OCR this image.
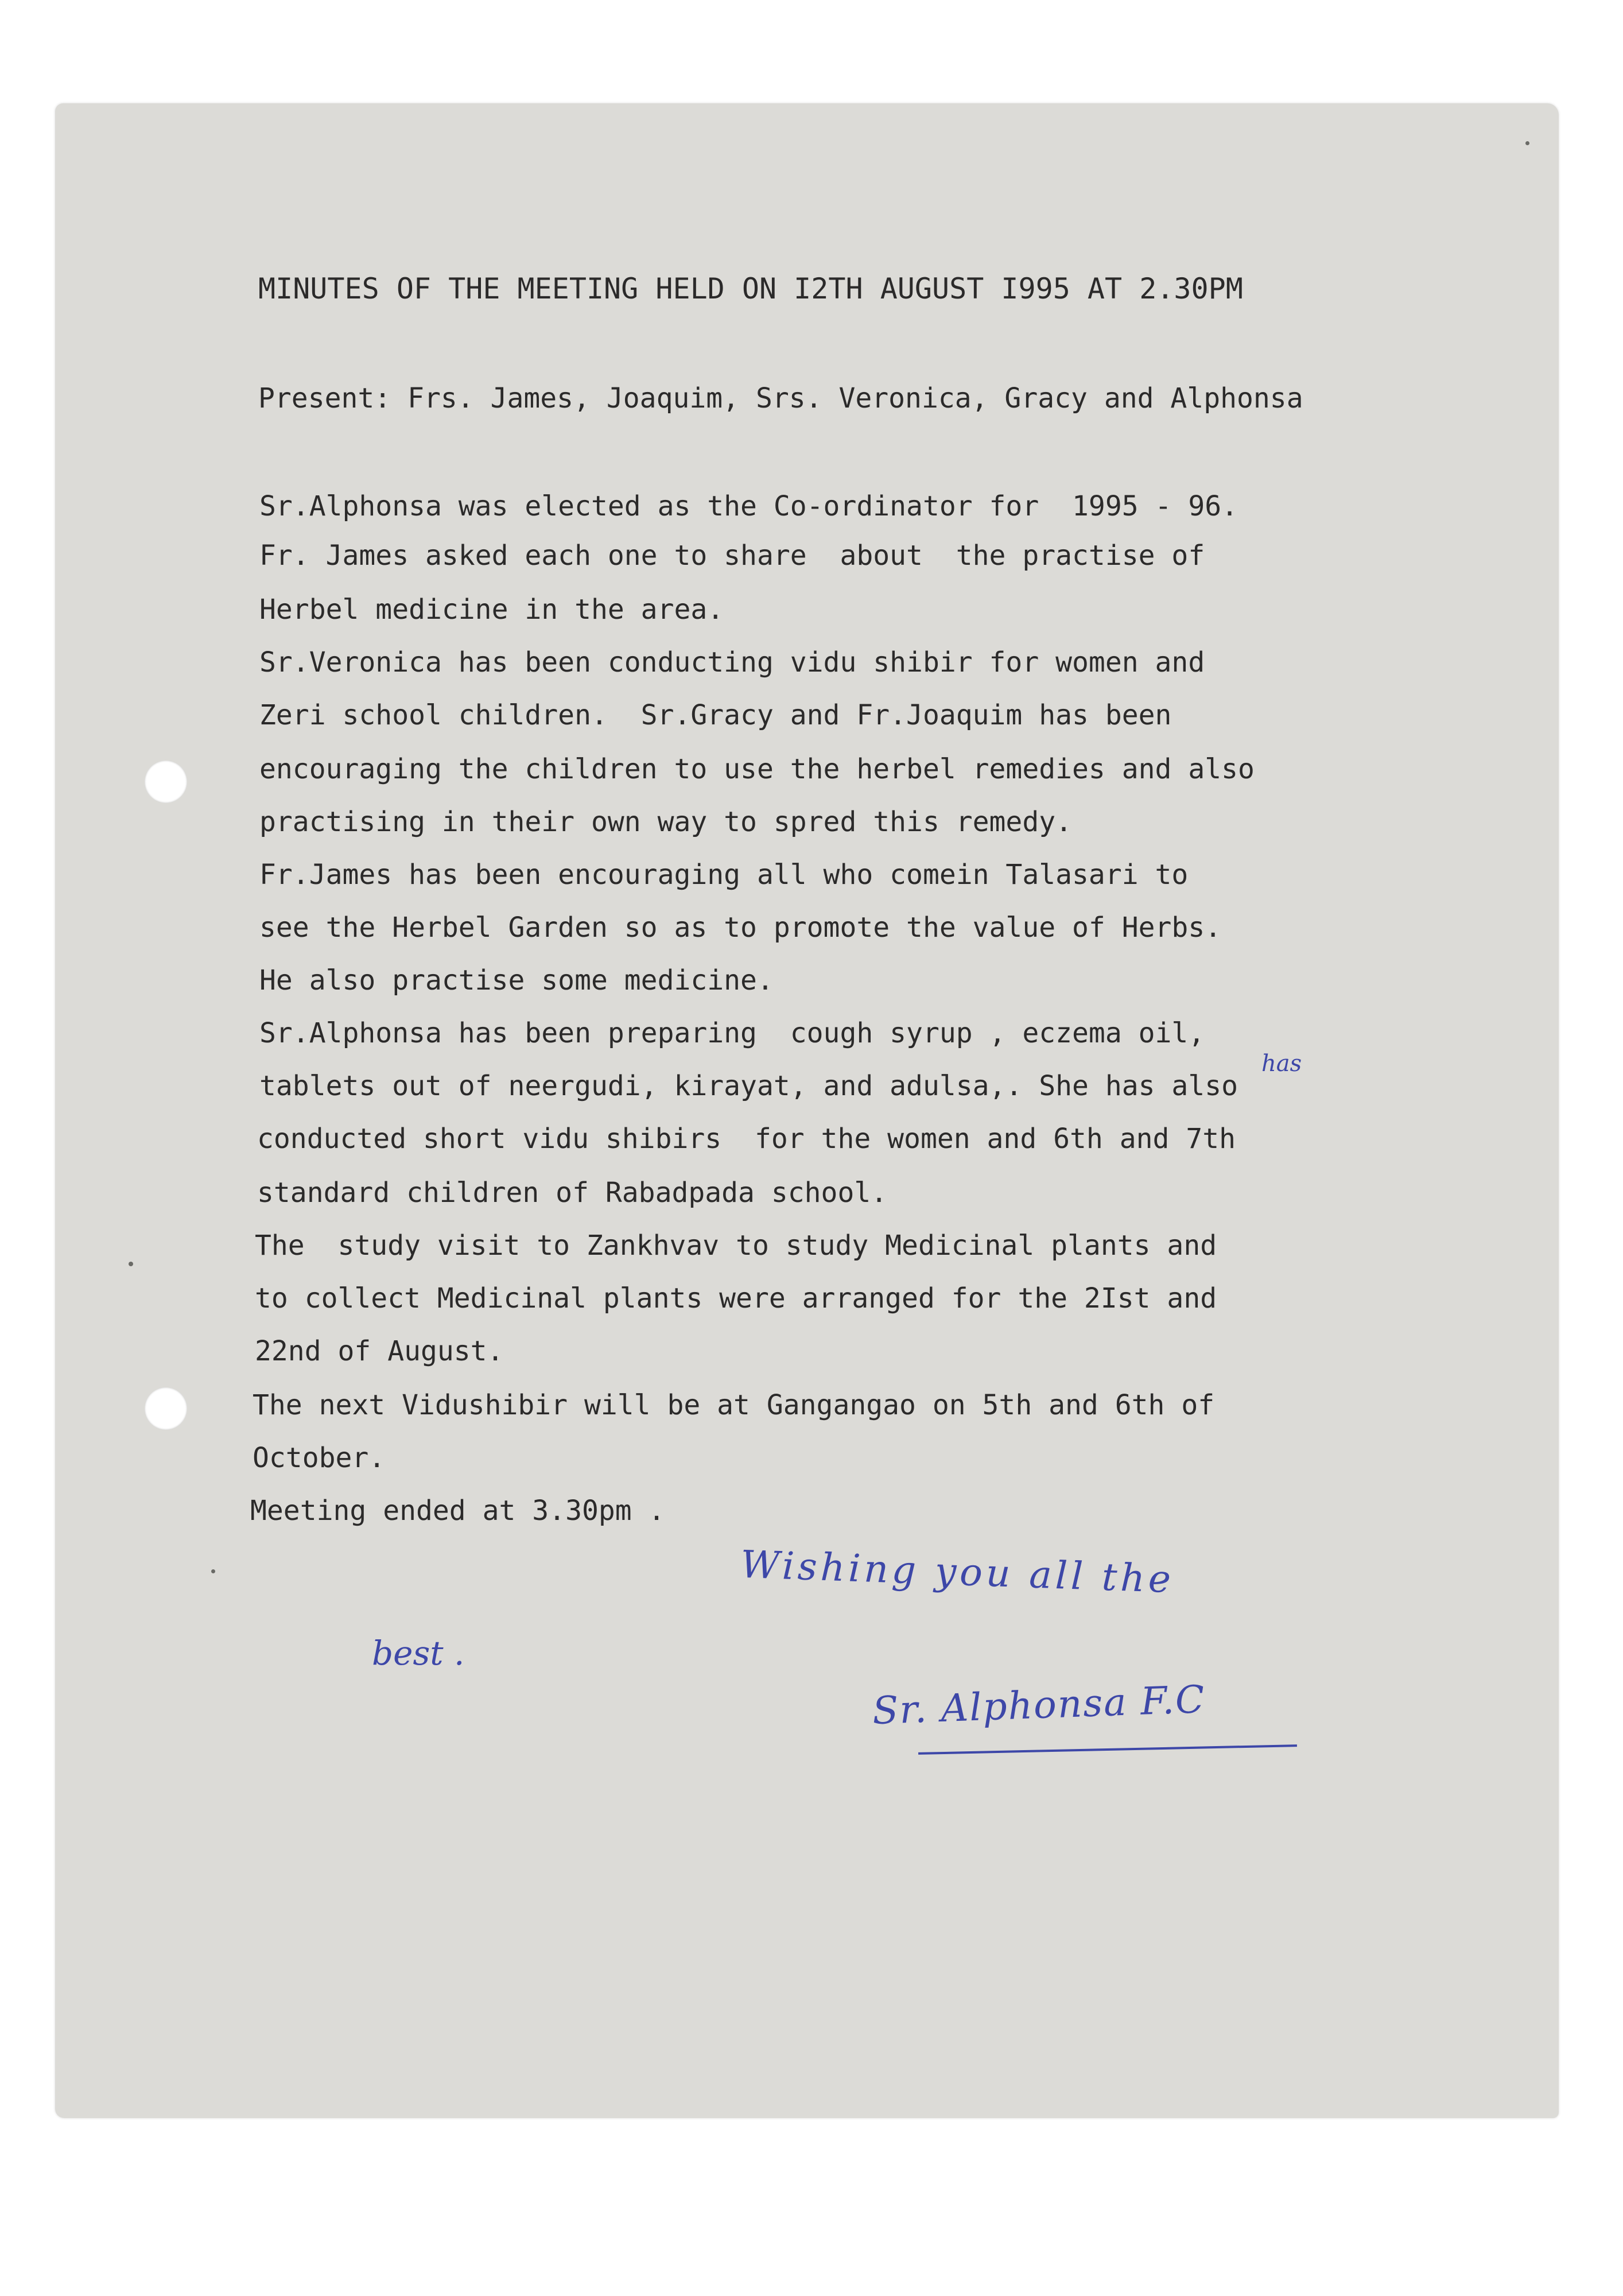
MINUTES OF THE MEETING HELD ON I2TH AUGUST I995 AT 2.30PM
Present: Frs. James, Joaquim, Srs. Veronica, Gracy and Alphonsa
Sr.Alphonsa was elected as the Co-ordinator for  1995 - 96.
Fr. James asked each one to share  about  the practise of
Herbel medicine in the area.
Sr.Veronica has been conducting vidu shibir for women and
Zeri school children.  Sr.Gracy and Fr.Joaquim has been
encouraging the children to use the herbel remedies and also
practising in their own way to spred this remedy.
Fr.James has been encouraging all who comein Talasari to
see the Herbel Garden so as to promote the value of Herbs.
He also practise some medicine.
Sr.Alphonsa has been preparing  cough syrup , eczema oil,
tablets out of neergudi, kirayat, and adulsa,. She has also
conducted short vidu shibirs  for the women and 6th and 7th
standard children of Rabadpada school.
The  study visit to Zankhvav to study Medicinal plants and
to collect Medicinal plants were arranged for the 2Ist and
22nd of August.
The next Vidushibir will be at Gangangao on 5th and 6th of
October.
Meeting ended at 3.30pm .
has
Wishing you all the
best .
Sr. Alphonsa F.C
